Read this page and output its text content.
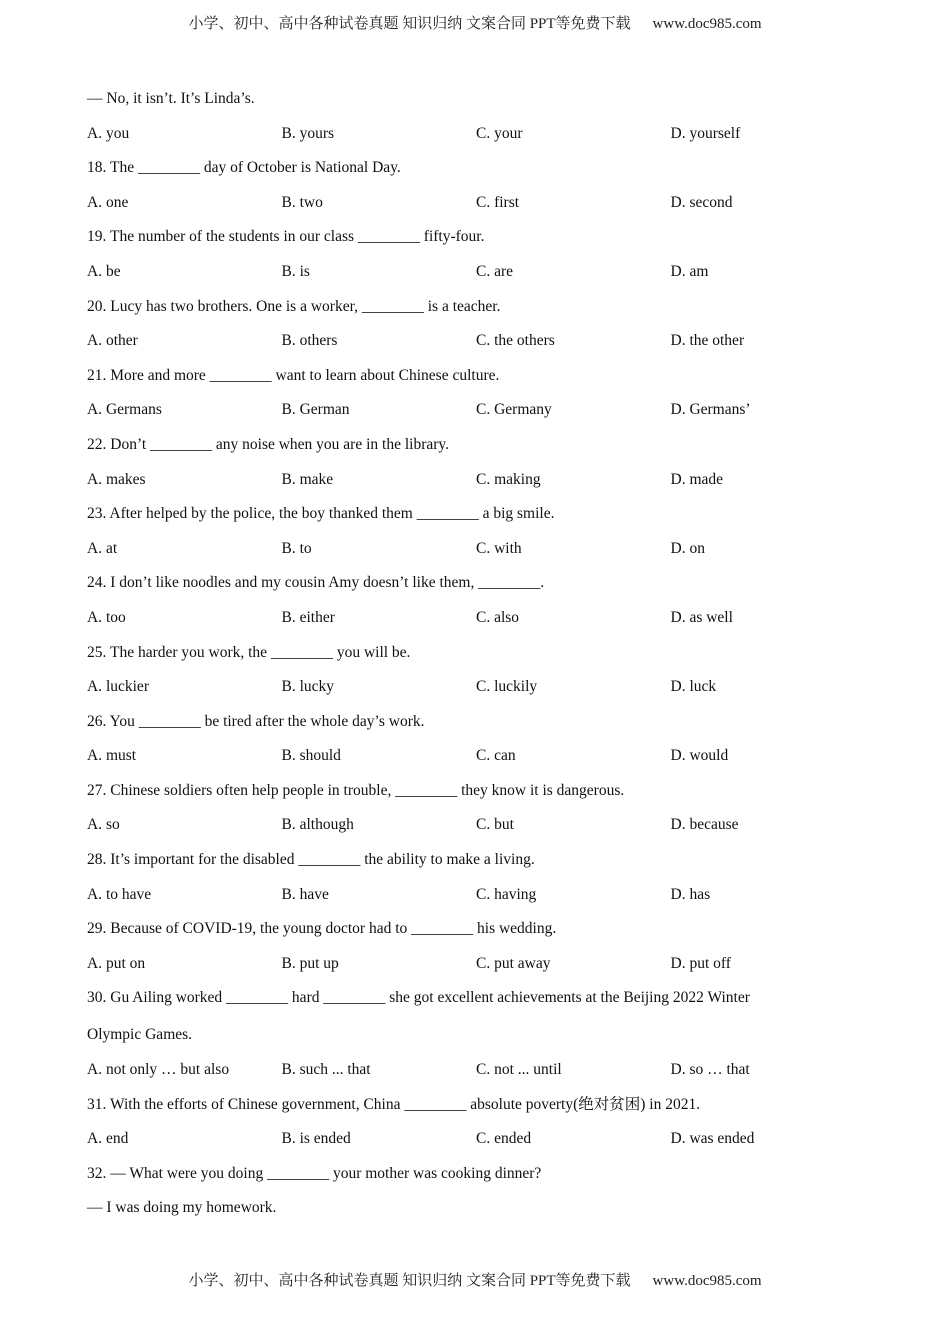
小学、初中、高中各种试卷真题 知识归纳 文案合同 PPT等免费下载 www.doc985.com
— No, it isn’t. It’s Linda’s.
A. you	B. yours	C. your	D. yourself
18. The ________ day of October is National Day.
A. one	B. two	C. first	D. second
19. The number of the students in our class ________ fifty-four.
A. be	B. is	C. are	D. am
20. Lucy has two brothers. One is a worker, ________ is a teacher.
A. other	B. others	C. the others	D. the other
21. More and more ________ want to learn about Chinese culture.
A. Germans	B. German	C. Germany	D. Germans’
22. Don’t ________ any noise when you are in the library.
A. makes	B. make	C. making	D. made
23. After helped by the police, the boy thanked them ________ a big smile.
A. at	B. to	C. with	D. on
24. I don’t like noodles and my cousin Amy doesn’t like them, ________.
A. too	B. either	C. also	D. as well
25. The harder you work, the ________ you will be.
A. luckier	B. lucky	C. luckily	D. luck
26. You ________ be tired after the whole day’s work.
A. must	B. should	C. can	D. would
27. Chinese soldiers often help people in trouble, ________ they know it is dangerous.
A. so	B. although	C. but	D. because
28. It’s important for the disabled ________ the ability to make a living.
A. to have	B. have	C. having	D. has
29. Because of COVID-19, the young doctor had to ________ his wedding.
A. put on	B. put up	C. put away	D. put off
30. Gu Ailing worked ________ hard ________ she got excellent achievements at the Beijing 2022 Winter
Olympic Games.
A. not only … but also	B. such ... that	C. not ... until	D. so … that
31. With the efforts of Chinese government, China ________ absolute poverty(绝对贫困) in 2021.
A. end	B. is ended	C. ended	D. was ended
32. — What were you doing ________ your mother was cooking dinner?
— I was doing my homework.
小学、初中、高中各种试卷真题 知识归纳 文案合同 PPT等免费下载 www.doc985.com
